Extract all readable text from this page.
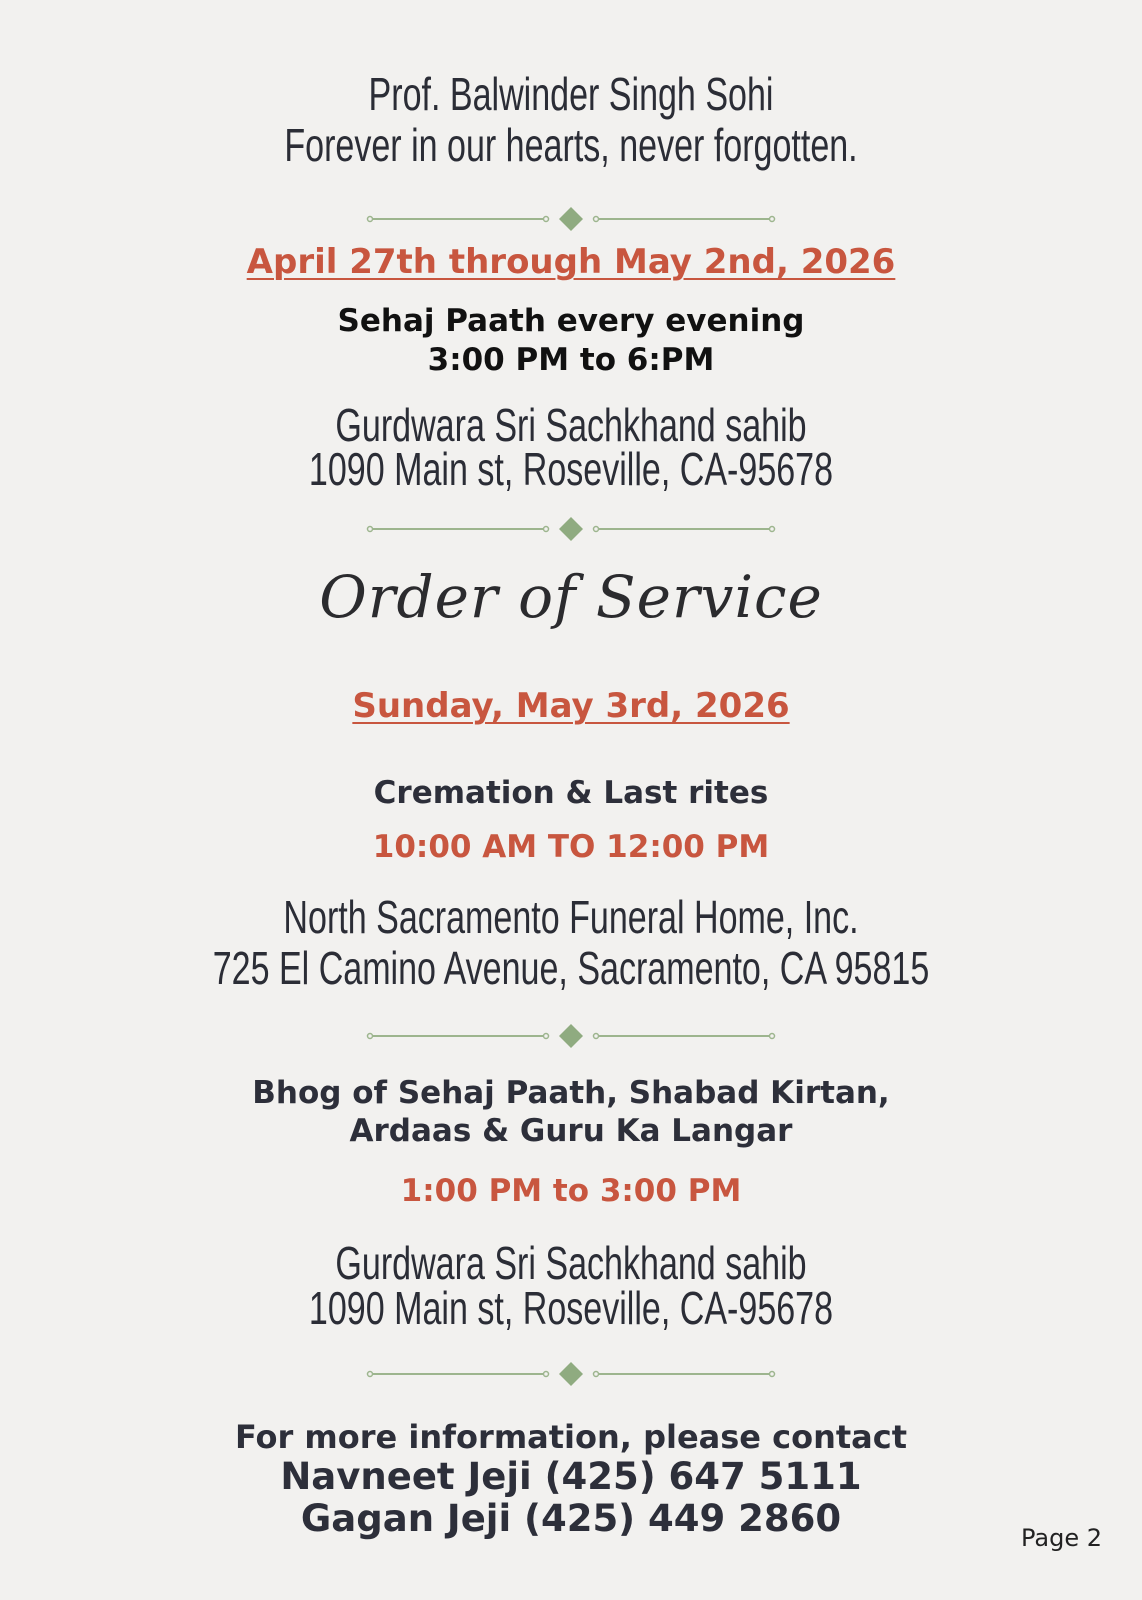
Prof. Balwinder Singh Sohi

Forever in our hearts, never forgotten.

April 27th through May 2nd, 2026

Sehaj Paath every evening

3:00 PM to 6:PM

Gurdwara Sri Sachkhand sahib

1090 Main st, Roseville, CA-95678

Order of Service

Sunday, May 3rd, 2026

Cremation & Last rites

10:00 AM TO 12:00 PM

North Sacramento Funeral Home, Inc.

725 El Camino Avenue, Sacramento, CA 95815

Bhog of Sehaj Paath, Shabad Kirtan,

Ardaas & Guru Ka Langar

1:00 PM to 3:00 PM

Gurdwara Sri Sachkhand sahib

1090 Main st, Roseville, CA-95678

For more information, please contact

Navneet Jeji (425) 647 5111

Gagan Jeji (425) 449 2860	Page 2
